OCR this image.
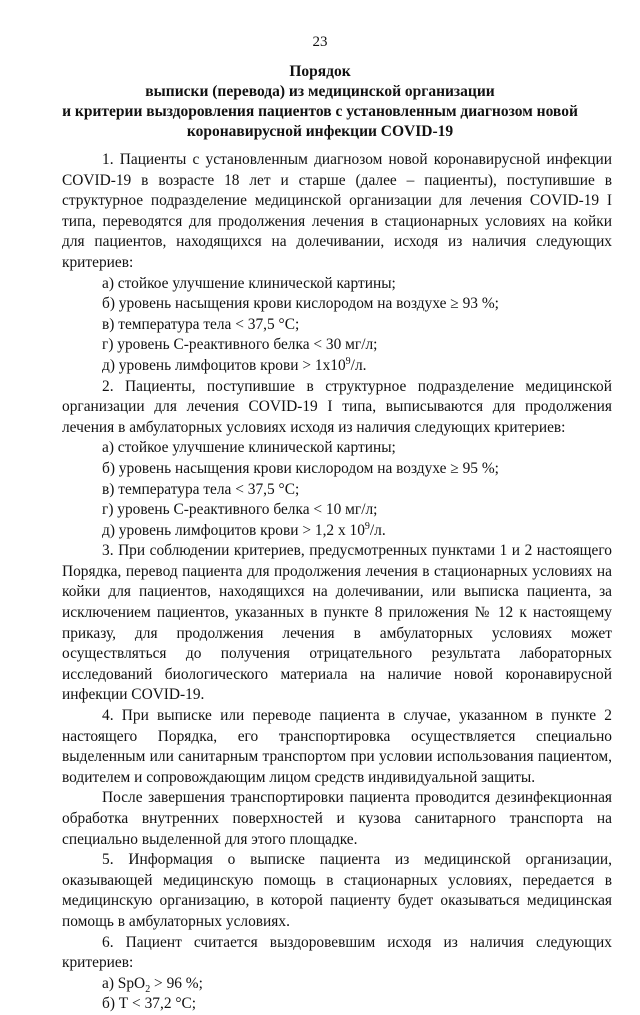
23
Порядок
выписки (перевода) из медицинской организации
и критерии выздоровления пациентов с установленным диагнозом новой
коронавирусной инфекции COVID-19

1. Пациенты с установленным диагнозом новой коронавирусной инфекции COVID-19 в возрасте 18 лет и старше (далее – пациенты), поступившие в структурное подразделение медицинской организации для лечения COVID-19 I типа, переводятся для продолжения лечения в стационарных условиях на койки для пациентов, находящихся на долечивании, исходя из наличия следующих критериев:

а) стойкое улучшение клинической картины;

б) уровень насыщения крови кислородом на воздухе ≥ 93 %;

в) температура тела < 37,5 °С;

г) уровень С-реактивного белка < 30 мг/л;

д) уровень лимфоцитов крови > $1х10^9/л$.

2. Пациенты, поступившие в структурное подразделение медицинской организации для лечения COVID-19 I типа, выписываются для продолжения лечения в амбулаторных условиях исходя из наличия следующих критериев:

а) стойкое улучшение клинической картины;

б) уровень насыщения крови кислородом на воздухе ≥ 95 %;

в) температура тела < 37,5 °С;

г) уровень С-реактивного белка < 10 мг/л;

д) уровень лимфоцитов крови > 1,2 х $10^9/л$.

3. При соблюдении критериев, предусмотренных пунктами 1 и 2 настоящего Порядка, перевод пациента для продолжения лечения в стационарных условиях на койки для пациентов, находящихся на долечивании, или выписка пациента, за исключением пациентов, указанных в пункте 8 приложения № 12 к настоящему приказу, для продолжения лечения в амбулаторных условиях может осуществляться до получения отрицательного результата лабораторных исследований биологического материала на наличие новой коронавирусной инфекции COVID-19.

4. При выписке или переводе пациента в случае, указанном в пункте 2 настоящего Порядка, его транспортировка осуществляется специально выделенным или санитарным транспортом при условии использования пациентом, водителем и сопровождающим лицом средств индивидуальной защиты.

После завершения транспортировки пациента проводится дезинфекционная обработка внутренних поверхностей и кузова санитарного транспорта на специально выделенной для этого площадке.

5. Информация о выписке пациента из медицинской организации, оказывающей медицинскую помощь в стационарных условиях, передается в медицинскую организацию, в которой пациенту будет оказываться медицинская помощь в амбулаторных условиях.

6. Пациент считается выздоровевшим исходя из наличия следующих критериев:

а) SpO$_2$ > 96 %;

б) Т < 37,2 °С;
